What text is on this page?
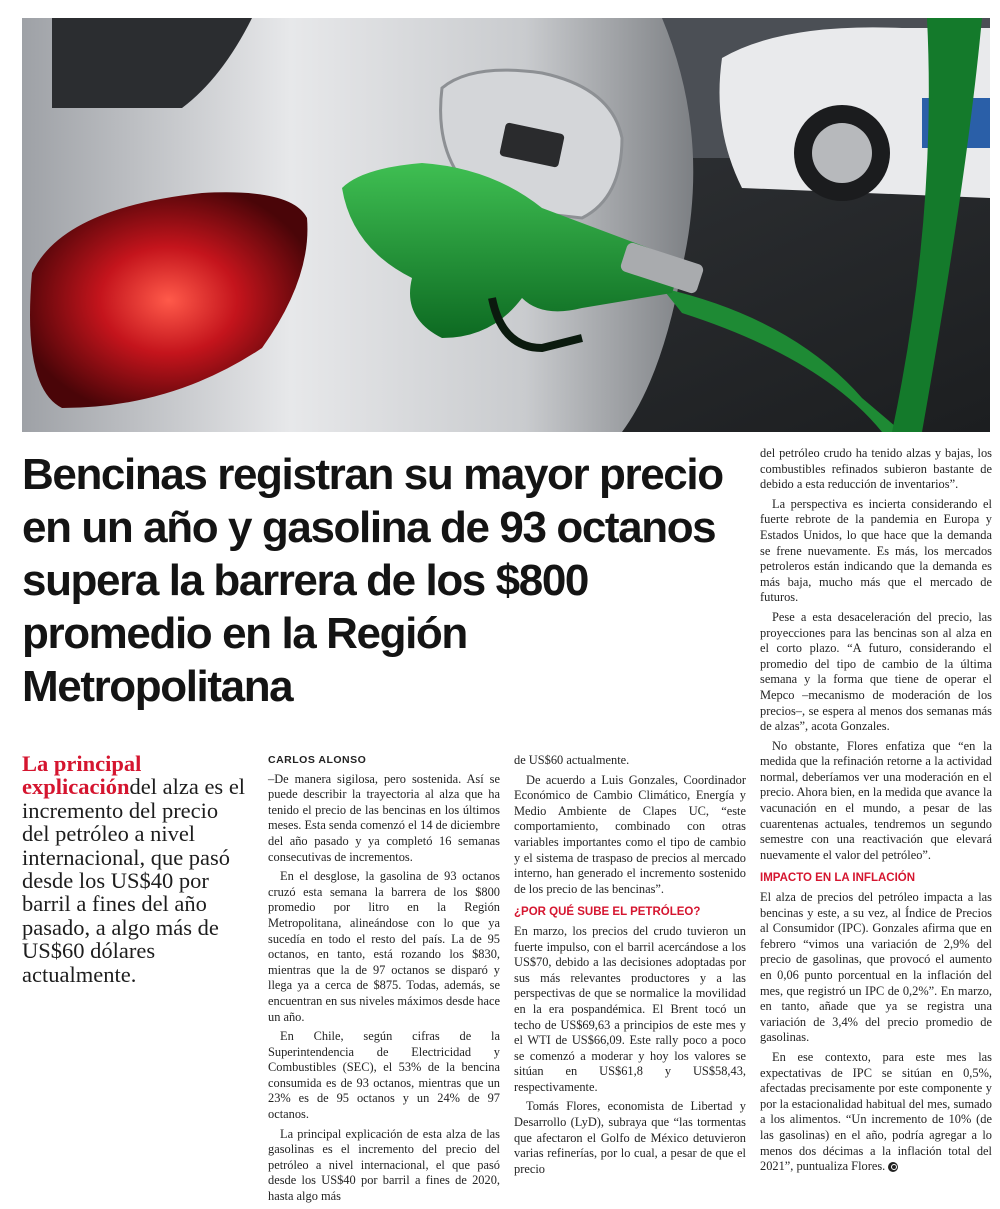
Bencinas registran su mayor precio en un año y gasolina de 93 octanos supera la barrera de los $800 promedio en la Región Metropolitana
La principal explicacióndel alza es el incremento del precio del petróleo a nivel internacional, que pasó desde los US$40 por barril a fines del año pasado, a algo más de US$60 dólares actualmente.
CARLOS ALONSO

–De manera sigilosa, pero sostenida. Así se puede describir la trayectoria al alza que ha tenido el precio de las bencinas en los últimos meses. Esta senda comenzó el 14 de diciembre del año pasado y ya completó 16 semanas consecutivas de incrementos.

En el desglose, la gasolina de 93 octanos cruzó esta semana la barrera de los $800 promedio por litro en la Región Metropolitana, alineándose con lo que ya sucedía en todo el resto del país. La de 95 octanos, en tanto, está rozando los $830, mientras que la de 97 octanos se disparó y llega ya a cerca de $875. Todas, además, se encuentran en sus niveles máximos desde hace un año.

En Chile, según cifras de la Superintendencia de Electricidad y Combustibles (SEC), el 53% de la bencina consumida es de 93 octanos, mientras que un 23% es de 95 octanos y un 24% de 97 octanos.

La principal explicación de esta alza de las gasolinas es el incremento del precio del petróleo a nivel internacional, el que pasó desde los US$40 por barril a fines de 2020, hasta algo más

de US$60 actualmente.

De acuerdo a Luis Gonzales, Coordinador Económico de Cambio Climático, Energía y Medio Ambiente de Clapes UC, “este comportamiento, combinado con otras variables importantes como el tipo de cambio y el sistema de traspaso de precios al mercado interno, han generado el incremento sostenido de los precio de las bencinas”.

¿POR QUÉ SUBE EL PETRÓLEO?

En marzo, los precios del crudo tuvieron un fuerte impulso, con el barril acercándose a los US$70, debido a las decisiones adoptadas por sus más relevantes productores y a las perspectivas de que se normalice la movilidad en la era pospandémica. El Brent tocó un techo de US$69,63 a principios de este mes y el WTI de US$66,09. Este rally poco a poco se comenzó a moderar y hoy los valores se sitúan en US$61,8 y US$58,43, respectivamente.

Tomás Flores, economista de Libertad y Desarrollo (LyD), subraya que “las tormentas que afectaron el Golfo de México detuvieron varias refinerías, por lo cual, a pesar de que el precio

del petróleo crudo ha tenido alzas y bajas, los combustibles refinados subieron bastante de debido a esta reducción de inventarios”.

La perspectiva es incierta considerando el fuerte rebrote de la pandemia en Europa y Estados Unidos, lo que hace que la demanda se frene nuevamente. Es más, los mercados petroleros están indicando que la demanda es más baja, mucho más que el mercado de futuros.

Pese a esta desaceleración del precio, las proyecciones para las bencinas son al alza en el corto plazo. “A futuro, considerando el promedio del tipo de cambio de la última semana y la forma que tiene de operar el Mepco –mecanismo de moderación de los precios–, se espera al menos dos semanas más de alzas”, acota Gonzales.

No obstante, Flores enfatiza que “en la medida que la refinación retorne a la actividad normal, deberíamos ver una moderación en el precio. Ahora bien, en la medida que avance la vacunación en el mundo, a pesar de las cuarentenas actuales, tendremos un segundo semestre con una reactivación que elevará nuevamente el valor del petróleo”.

IMPACTO EN LA INFLACIÓN

El alza de precios del petróleo impacta a las bencinas y este, a su vez, al Índice de Precios al Consumidor (IPC). Gonzales afirma que en febrero “vimos una variación de 2,9% del precio de gasolinas, que provocó el aumento en 0,06 punto porcentual en la inflación del mes, que registró un IPC de 0,2%”. En marzo, en tanto, añade que ya se registra una variación de 3,4% del precio promedio de gasolinas.

En ese contexto, para este mes las expectativas de IPC se sitúan en 0,5%, afectadas precisamente por este componente y por la estacionalidad habitual del mes, sumado a los alimentos. “Un incremento de 10% (de las gasolinas) en el año, podría agregar a lo menos dos décimas a la inflación total del 2021”, puntualiza Flores.
